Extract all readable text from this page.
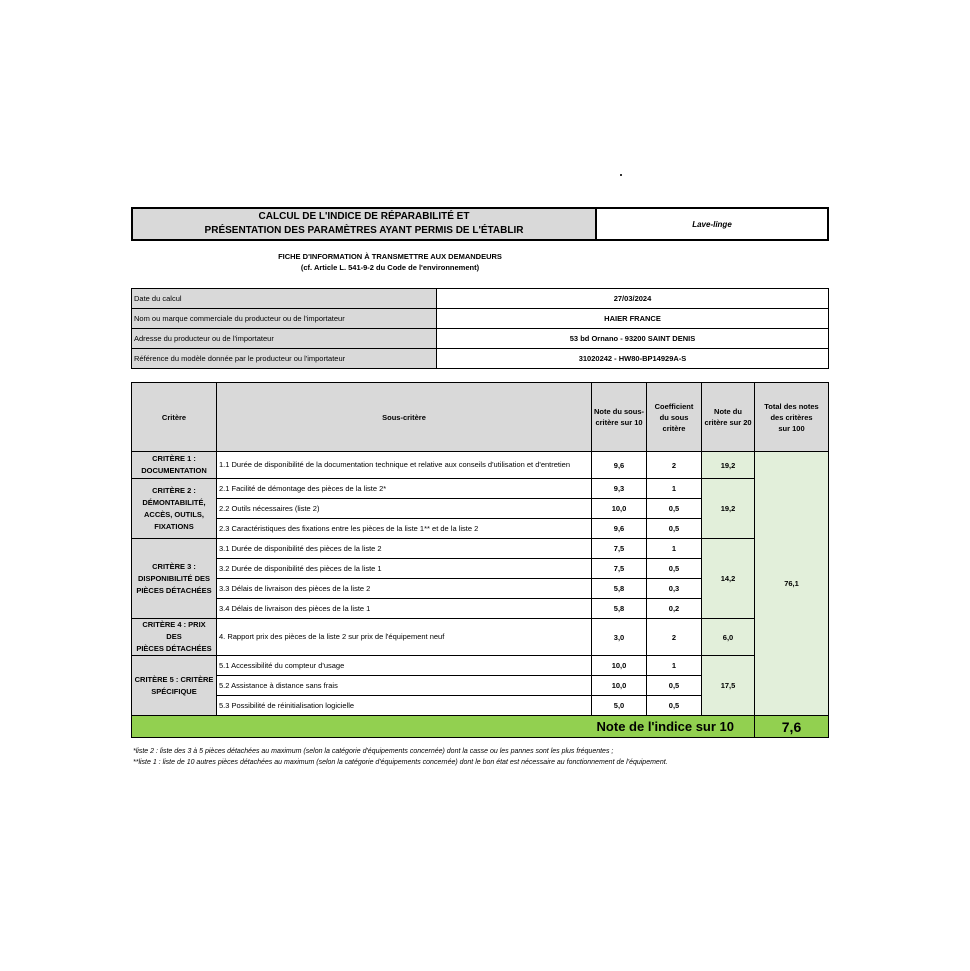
CALCUL DE L'INDICE DE RÉPARABILITÉ ET
PRÉSENTATION DES PARAMÈTRES AYANT PERMIS DE L'ÉTABLIR	Lave-linge
FICHE D'INFORMATION À TRANSMETTRE AUX DEMANDEURS
(cf. Article L. 541-9-2 du Code de l'environnement)
Date du calcul	27/03/2024
Nom ou marque commerciale du producteur ou de l'importateur	HAIER FRANCE
Adresse du producteur ou de l'importateur	53 bd Ornano - 93200 SAINT DENIS
Référence du modèle donnée par le producteur ou l'importateur	31020242 - HW80-BP14929A-S
Critère	Sous-critère	Note du sous-
critère sur 10	Coefficient
du sous
critère	Note du
critère sur 20	Total des notes
des critères
sur 100
CRITÈRE 1 :
DOCUMENTATION	1.1 Durée de disponibilité de la documentation technique et relative aux conseils d'utilisation et d'entretien	9,6	2	19,2	76,1
CRITÈRE 2 :
DÉMONTABILITÉ,
ACCÈS, OUTILS,
FIXATIONS	2.1 Facilité de démontage des pièces de la liste 2*	9,3	1	19,2	
	2.2 Outils nécessaires (liste 2)	10,0	0,5		
	2.3 Caractéristiques des fixations entre les pièces de la liste 1** et de la liste 2	9,6	0,5		
CRITÈRE 3 :
DISPONIBILITÉ DES
PIÈCES DÉTACHÉES	3.1 Durée de disponibilité des pièces de la liste 2	7,5	1	14,2	
	3.2 Durée de disponibilité des pièces de la liste 1	7,5	0,5		
	3.3 Délais de livraison des pièces de la liste 2	5,8	0,3		
	3.4 Délais de livraison des pièces de la liste 1	5,8	0,2		
CRITÈRE 4 : PRIX DES
PIÈCES DÉTACHÉES	4. Rapport prix des pièces de la liste 2 sur prix de l'équipement neuf	3,0	2	6,0	
CRITÈRE 5 : CRITÈRE
SPÉCIFIQUE	5.1 Accessibilité du compteur d'usage	10,0	1	17,5	
	5.2 Assistance à distance sans frais	10,0	0,5		
	5.3 Possibilité de réinitialisation logicielle	5,0	0,5		
Note de l'indice sur 10					7,6
*liste 2 : liste des 3 à 5 pièces détachées au maximum (selon la catégorie d'équipements concernée) dont la casse ou les pannes sont les plus fréquentes ;
**liste 1 : liste de 10 autres pièces détachées au maximum (selon la catégorie d'équipements concernée) dont le bon état est nécessaire au fonctionnement de l'équipement.
